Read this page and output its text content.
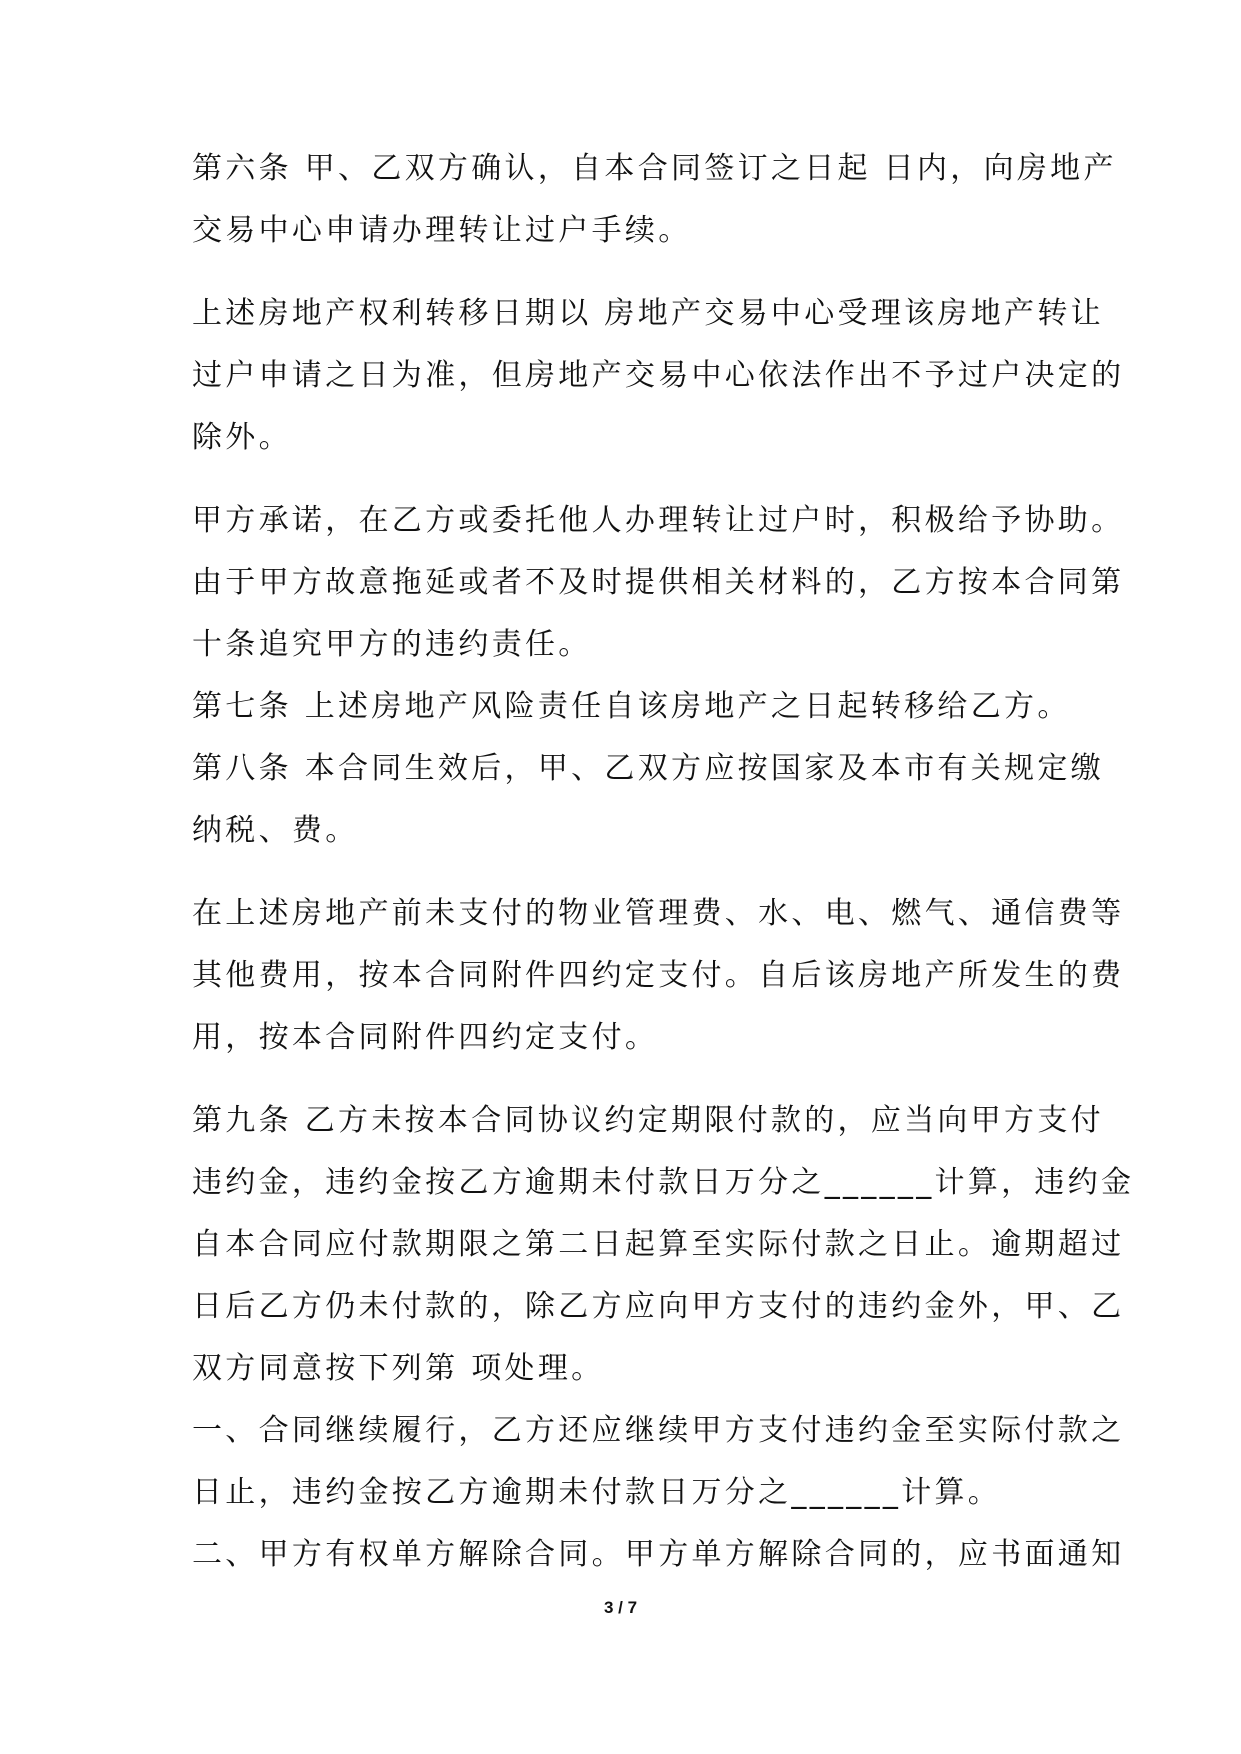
第六条 甲、乙双方确认，自本合同签订之日起 日内，向房地产
交易中心申请办理转让过户手续。
上述房地产权利转移日期以 房地产交易中心受理该房地产转让
过户申请之日为准，但房地产交易中心依法作出不予过户决定的
除外。
甲方承诺，在乙方或委托他人办理转让过户时，积极给予协助。
由于甲方故意拖延或者不及时提供相关材料的，乙方按本合同第
十条追究甲方的违约责任。
第七条 上述房地产风险责任自该房地产之日起转移给乙方。
第八条 本合同生效后，甲、乙双方应按国家及本市有关规定缴
纳税、费。
在上述房地产前未支付的物业管理费、水、电、燃气、通信费等
其他费用，按本合同附件四约定支付。自后该房地产所发生的费
用，按本合同附件四约定支付。
第九条 乙方未按本合同协议约定期限付款的，应当向甲方支付
违约金，违约金按乙方逾期未付款日万分之______计算，违约金
自本合同应付款期限之第二日起算至实际付款之日止。逾期超过
日后乙方仍未付款的，除乙方应向甲方支付的违约金外，甲、乙
双方同意按下列第 项处理。
一、合同继续履行，乙方还应继续甲方支付违约金至实际付款之
日止，违约金按乙方逾期未付款日万分之______计算。
二、甲方有权单方解除合同。甲方单方解除合同的，应书面通知
3 / 7
